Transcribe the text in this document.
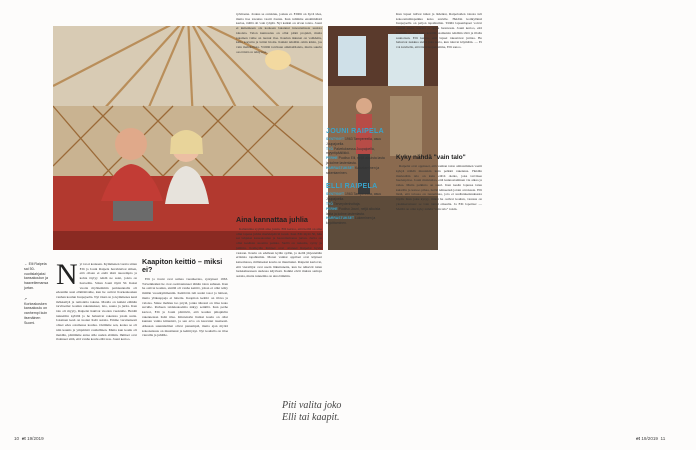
← Elli Raipela sai 50-vuotislahjaksi kansakoulun ja haaveilemansa jurtan.

↗ Korkeakosken kansakoulu on vanhempi kuin itsenäinen Suomi.

N yt tai ei koskaan. Kymmenen vuotta sitten Elli ja Jouni Raipela havahtuivat siihen, että ollaan ei enää tästä nuorempia ja kohta täytyy tehdä ne asiat, joista on haaveiltu. Sitten Jouni täytti 50. Kaksi vuotta myöhemmin pariskunnalla oli edessään uusi elämänvaihe, kun he ostivat Korkeakosken vanhan koulun Juupajoelta. Nyt tässä on jo kymmenes kesä mökkeilyä ja remonttia takana. Maalla on kaikki elämän tarvitsema: koulun rakennukset, lato, sauna ja jurtta. Kun talo oli myyty, Raipelat hakivat vuoden vuokralle. Heidät tunnettiin kylällä ja he halusivat rakentaa jotain uutta. Jokainen kesä on tuonut lisää asioita. Emme varsinaisesti olleet edes ostamassa koulua. Ostimme sen, koska se oli niin kaunis ja ympäristö rauhallinen. Mutta kun koulu oli meidän, päätimme antaa sille uuden elämän. Ihmiset ovat iloinneet siitä, että vanha koulu elää taas. Jouni kertoo.

Kaapiton keittiö – miksi ei?

Elli ja Jouni ovat samaa vuosikertaa, syntyneet 1963. Toiveikkaiksi he ovat osoittautuneet tämän talon suhteen. Kun he ostivat koulun, sisällä oli vanha keittiö, johon ei ollut tehty mitään vuosikymmeniin. Keittiöön tuli uudet tasot ja laitteet, mutta yläkaappeja ei laitettu. Kaapiton keittiö on tilava ja valoisa. Sinne mahtuu iso pöytä, jonka ääressä on tilaa koko suvulle. Perheen taidekokoelma näkyy seinillä. Kun perhe kasvoi, Elli ja Jouni päättivät, että koulun pihapiiriin rakennetaan lisää tilaa. Kiinteistön lisäksi koulu on ollut kunnan vanha kiinteistö, ja sen arvo on kasvanut tasaisesti. Alkuaan suunnitelmat olivat pienempiä, mutta ajan myötä kokonaisuus on muuttunut ja kehittynyt. Nyt koululla on tilaa vieraille ja juhlille.

työmaana. Joskus se onnistuu, joskus ei. Ellillä on hyvä idea, mutta itse toteutus vaatii Jounia. Kun tulimme ensimmäistä kertaa, täällä oli vain tyhjää. Nyt kaikki on aivan toista. Jouni ei kuitenkaan ole koskaan lakannut innostumasta uusista ideoista. Talon kunnostus on ollut pitkä projekti, mutta jokainen vaihe on tuonut iloa. Koulun ikkunat on vaihdettu, katto korjattu ja lattiat hiottu. Kaikki tehdään omin käsin, jos vain mahdollista. Välillä tarvitaan ammattilaisia, mutta suurin osa töistä on tehty itse.

Aina kannattaa juhlia

Kalanniina syyttää aina jotain. Elli kertoo, että heillä on aina ollut tapana juhlia merkkipäiviä isosti. Kun Elli täytti 50, hän sai lahjaksi kansakoulun ja haaveilemansa jurtan. Jurtta on ollut kesäisin suosittu paikka. Siellä on nukuttu, syöty ja juhlittu. Kotikylän ihmiset ovat ottaneet Raipelat hyvin vastaan. Koulu on edelleen kylän sydän, ja siellä järjestetään erilaisia tapahtumia. Monet vanhat oppilaat ovat käyneet katsomassa, millaiseksi koulu on muuttunut. Raipelat kertovat, että vierailijat ovat usein liikuttuneita, kun he näkevät tutun luokkahuoneen uudessa käytössä. Kaikki eivät muista samoja asioita, mutta tunnelma on aina lämmin.

JOUNI RAIPELA
SYNTYNYT 1963 Tampereella, asuu Juupajoella.
TYÖ Palveluksessa Juupajoella, myyntipäällikkö.
PERHE Puoliso Elli, neljä aikuista lasta ja kolme lastenlasta.
HARRASTUKSET Kalastaminen ja rakentaminen.
ELLI RAIPELA
SYNTYNYT 1963 Tampereella, asuu Juupajoella.
TYÖ Terveydenhoitaja.
PERHE Puoliso Jouni, neljä aikuista lasta ja kolme lastenlasta.
HARRASTUKSET Lukeminen ja kirjoittaminen.
Piti valita joko
Elli tai kaapit.

Kun lapset tulivat isiksi ja äideiksi, Raipeloiden talosta tuli kokoontumispaikka koko suvulle. Heidän kotikylänsä Juupajoella on paljon tapahtumia. Täällä lapsenlapset voivat viettää aikaa, leikkiä ja oppia luonnosta. Jouni kertoo, että koululla on aina kiire kesällä. Aamuisin tehdään töitä ja illalla saunotaan. Elli kertoo, että lapset rakastavat jurttaa. He haluavat nukkua siellä joka kerta, kun tulevat käymään. — Ei voi kuvitella, että tästä luopuisimme, Elli sanoo.

Kyky nähdä "vain talo"

Raipelat ovat oppineet, että vanhan talon omistaminen vaatii kykyä nähdä muutakin kuin pelkkä rakennus. Heidän mielestään talo on kuin elävä olento, joka tarvitsee huolenpitoa. Jouni muistuttaa, että kunnostaminen vie aikaa ja rahaa. Mutta palkinto on suuri. Kun kesän lopussa istuu kuistilla ja katsoo pihaa, tietää tehneensä jotain arvokasta. Elli lisää, että talossa on tunnelmaa, jota ei uudisrakennuksesta löydä. Kun joku kysyy, miksi he ostivat koulun, vastaus on yksinkertainen: se vain tuntui oikealta. Ja Elli lopettaa: — Meillä on ollut kyky nähdä "vain talo" toisin.

10 et 19/2019	et 19/2019 11
